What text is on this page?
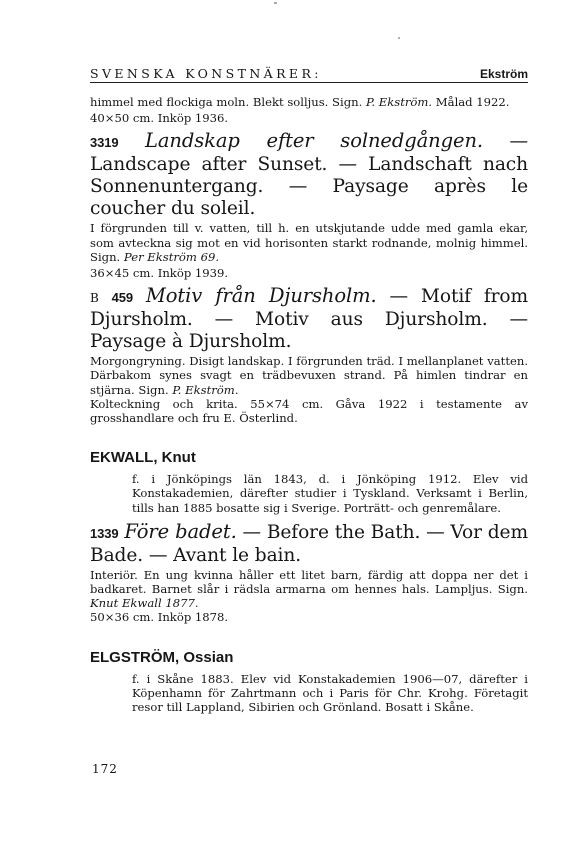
SVENSKA KONSTNÄRER:	Ekström

himmel med flockiga moln. Blekt solljus. Sign. P. Ekström. Målad 1922.

40×50 cm. Inköp 1936.

3319 Landskap efter solnedgången. — Landscape after Sunset. — Landschaft nach Sonnenuntergang. — Paysage après le coucher du soleil.

I förgrunden till v. vatten, till h. en utskjutande udde med gamla ekar, som avteckna sig mot en vid horisonten starkt rodnande, molnig himmel. Sign. Per Ekström 69.

36×45 cm. Inköp 1939.

B 459 Motiv från Djursholm. — Motif from Djursholm. — Motiv aus Djursholm. — Paysage à Djursholm.

Morgongryning. Disigt landskap. I förgrunden träd. I mellanplanet vatten. Därbakom synes svagt en trädbevuxen strand. På himlen tindrar en stjärna. Sign. P. Ekström.

Kolteckning och krita. 55×74 cm. Gåva 1922 i testamente av grosshandlare och fru E. Österlind.

EKWALL, Knut

f. i Jönköpings län 1843, d. i Jönköping 1912. Elev vid Konstakademien, därefter studier i Tyskland. Verksamt i Berlin, tills han 1885 bosatte sig i Sverige. Porträtt- och genremålare.

1339 Före badet. — Before the Bath. — Vor dem Bade. — Avant le bain.

Interiör. En ung kvinna håller ett litet barn, färdig att doppa ner det i badkaret. Barnet slår i rädsla armarna om hennes hals. Lampljus. Sign. Knut Ekwall 1877.

50×36 cm. Inköp 1878.

ELGSTRÖM, Ossian

f. i Skåne 1883. Elev vid Konstakademien 1906—07, därefter i Köpenhamn för Zahrtmann och i Paris för Chr. Krohg. Företagit resor till Lappland, Sibirien och Grönland. Bosatt i Skåne.

172
